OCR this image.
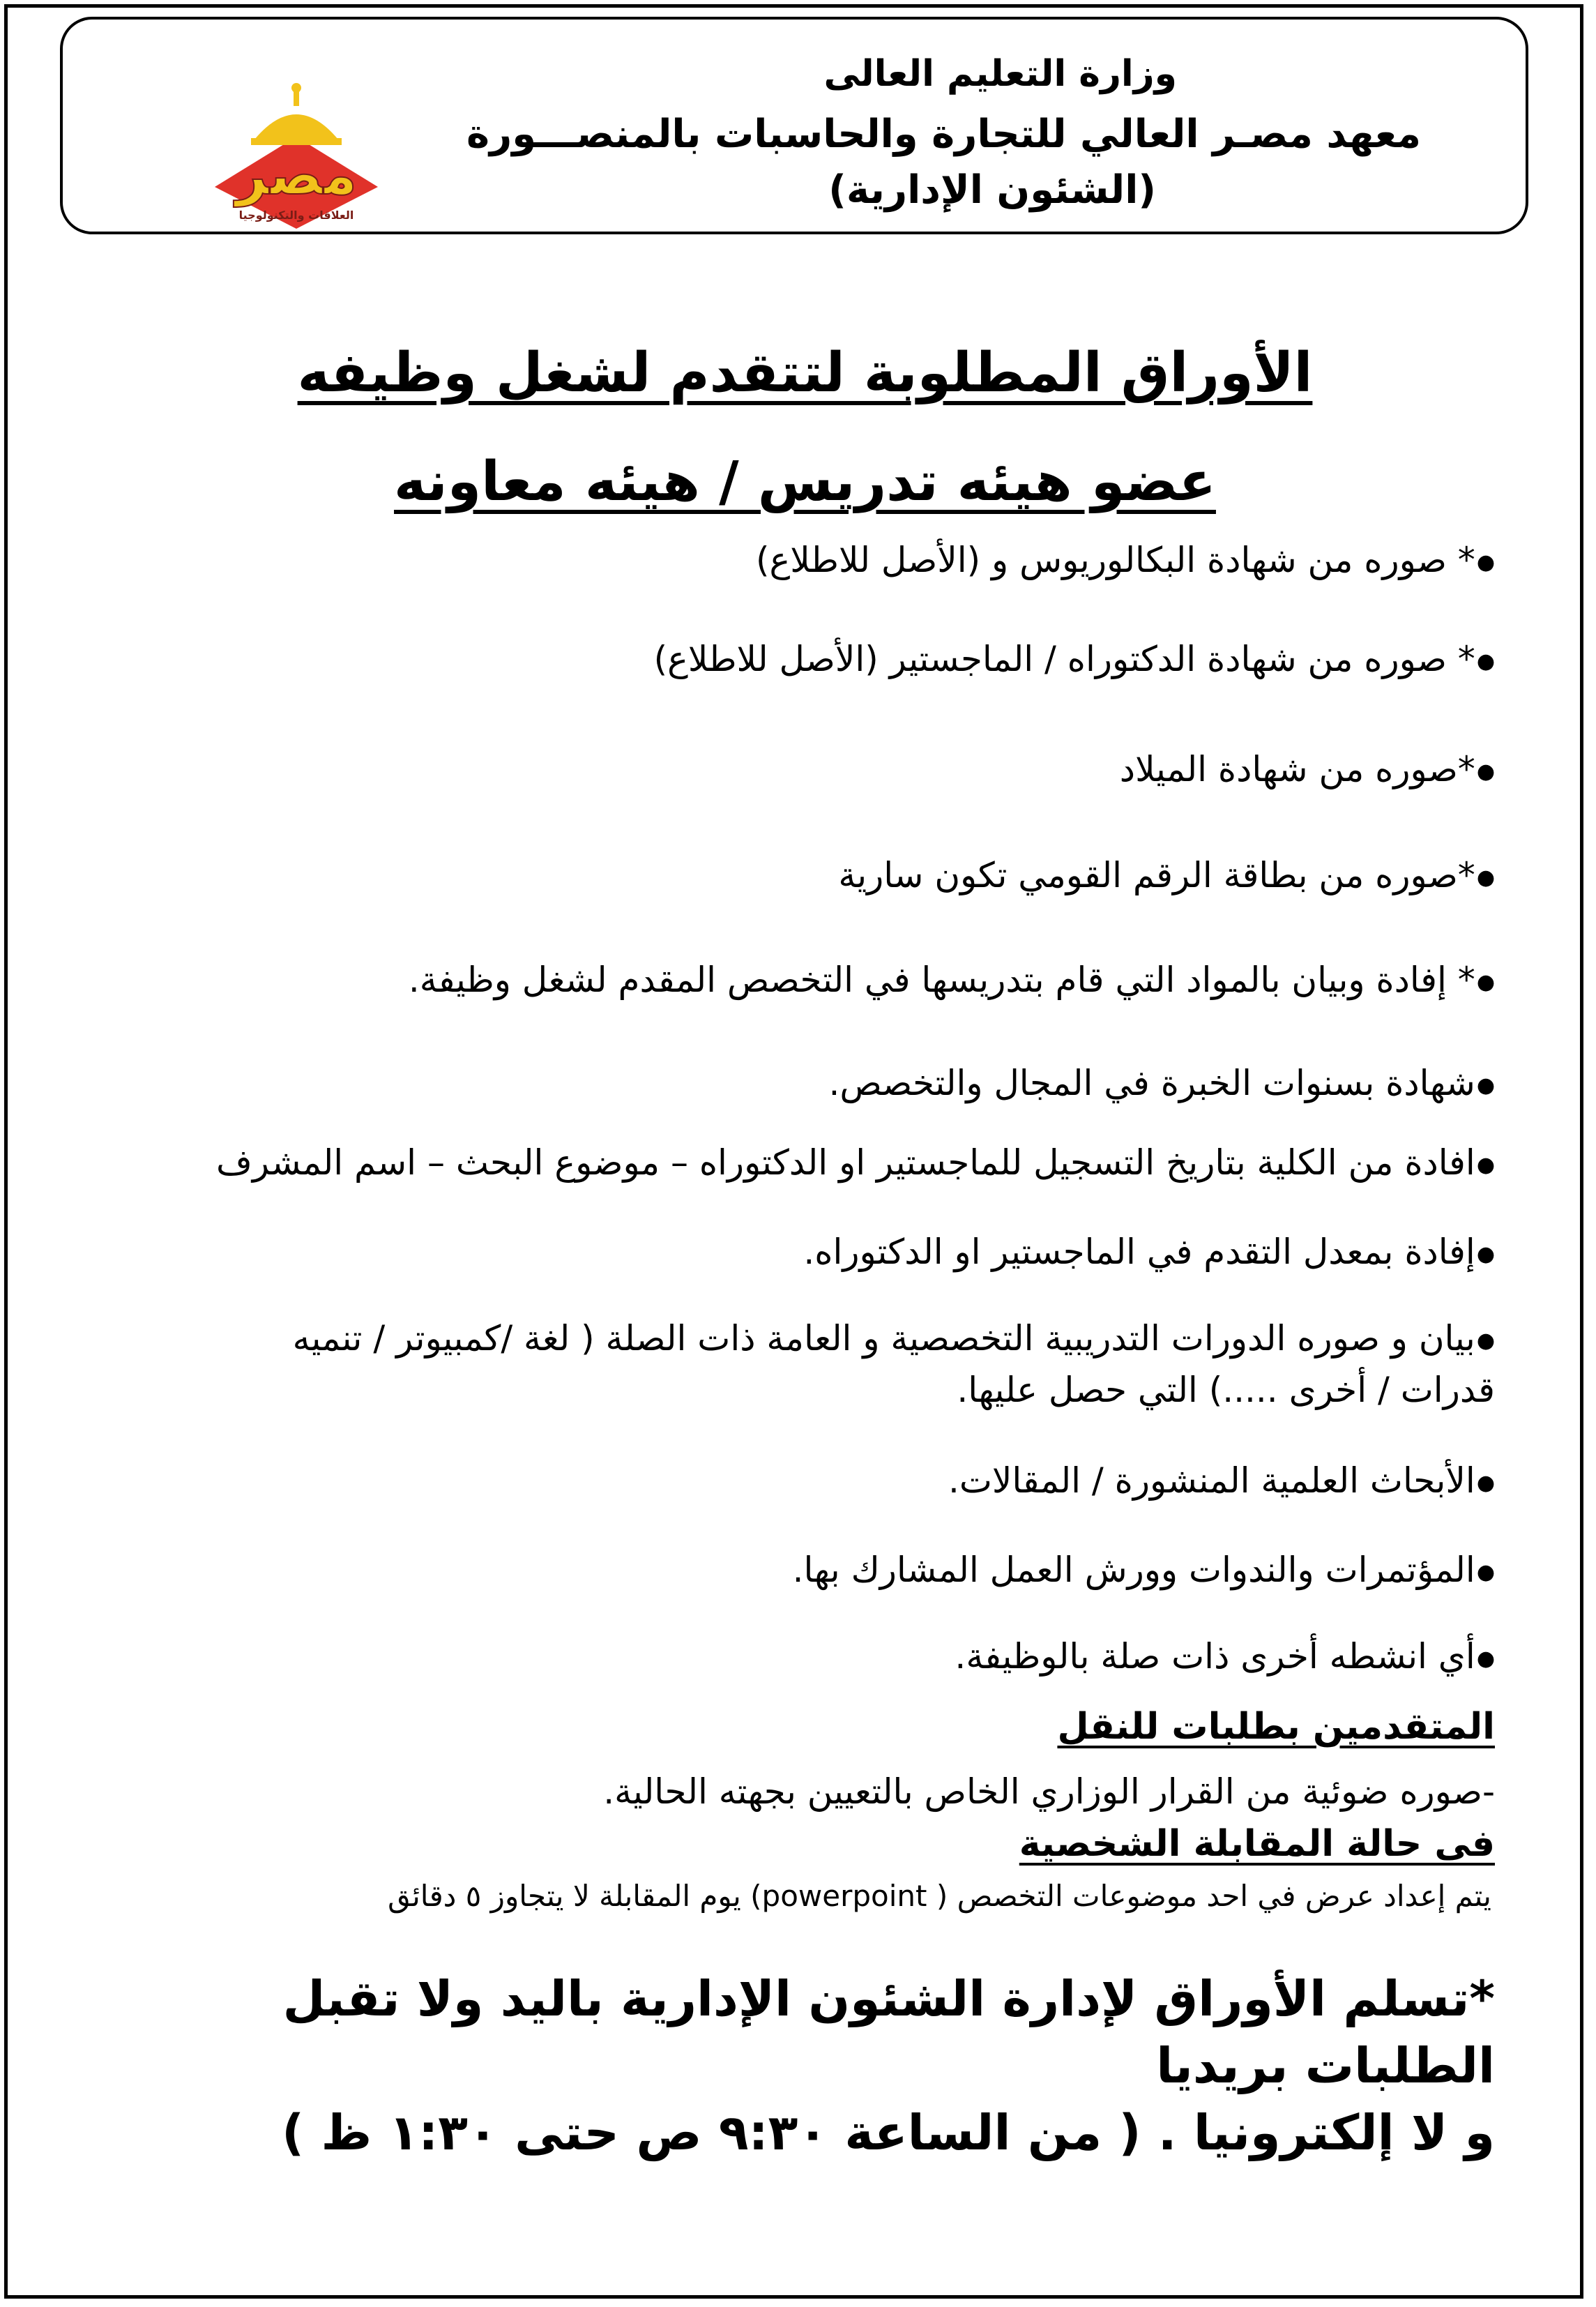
مصر
العلاقات والتكنولوجيا
وزارة التعليم العالى
معهد مصـر العالي للتجارة والحاسبات بالمنصـــورة
(الشئون الإدارية)
الأوراق المطلوبة لتتقدم لشغل وظيفه
عضو هيئه تدريس / هيئه معاونه
●* صوره من شهادة البكالوريوس و (الأصل للاطلاع)
●* صوره من شهادة الدكتوراه / الماجستير (الأصل للاطلاع)
●*صوره من شهادة الميلاد
●*صوره من بطاقة الرقم القومي تكون سارية
●* إفادة وبيان بالمواد التي قام بتدريسها في التخصص المقدم لشغل وظيفة.
●شهادة بسنوات الخبرة في المجال والتخصص.
●افادة من الكلية بتاريخ التسجيل للماجستير او الدكتوراه – موضوع البحث – اسم المشرف
●إفادة بمعدل التقدم في الماجستير او الدكتوراه.
●بيان و صوره الدورات التدريبية التخصصية و العامة ذات الصلة ( لغة /كمبيوتر / تنميه قدرات / أخرى .....) التي حصل عليها.
●الأبحاث العلمية المنشورة / المقالات.
●المؤتمرات والندوات وورش العمل المشارك بها.
●أي انشطه أخرى ذات صلة بالوظيفة.
المتقدمين بطلبات للنقل
-صوره ضوئية من القرار الوزاري الخاص بالتعيين بجهته الحالية.
فى حالة المقابلة الشخصية
يتم إعداد عرض في احد موضوعات التخصص ( powerpoint) يوم المقابلة لا يتجاوز ٥ دقائق
*تسلم الأوراق لإدارة الشئون الإدارية باليد ولا تقبل الطلبات بريديا
و لا إلكترونيا . ( من الساعة ٩:٣٠ ص حتى ١:٣٠ ظ )
